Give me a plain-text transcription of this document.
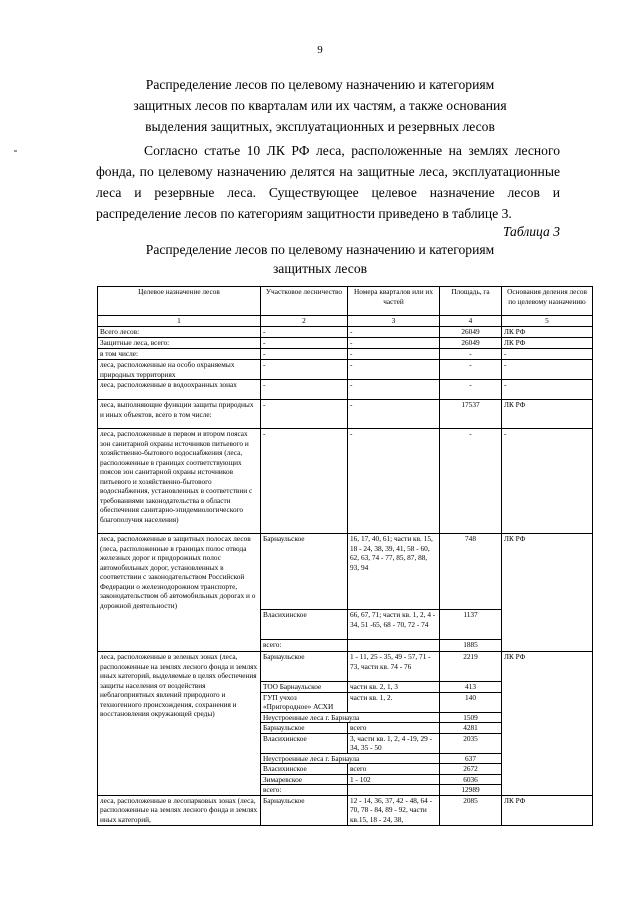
9
Распределение лесов по целевому назначению и категориям
защитных лесов по кварталам или их частям, а также основания
выделения защитных, эксплуатационных и резервных лесов

Согласно статье 10 ЛК РФ леса, расположенные на землях лесного фонда, по целевому назначению делятся на защитные леса, эксплуатационные леса и резервные леса. Существующее целевое назначение лесов и распределение лесов по категориям защитности приведено в таблице 3.

Таблица 3
Распределение лесов по целевому назначению и категориям
защитных лесов
Целевое назначение лесов	Участковое лесничество	Номера кварталов или их частей	Площадь, га	Основания деления лесов по целевому назначению
1	2	3	4	5
Всего лесов:	-	-	26049	ЛК РФ
Защитные леса, всего:	-	-	26049	ЛК РФ
в том числе:	-	-	-	-
леса, расположенные на особо охраняемых природных территориях	-	-	-	-
леса, расположенные в водоохранных зонах	-	-	-	-
леса, выполняющие функции защиты природных и иных объектов, всего в том числе:	-	-	17537	ЛК РФ
леса, расположенные в первом и втором поясах зон санитарной охраны источников питьевого и хозяйственно-бытового водоснабжения (леса, расположенные в границах соответствующих поясов зон санитарной охраны источников питьевого и хозяйственно-бытового водоснабжения, установленных в соответствии с требованиями законодательства в области обеспечения санитарно-эпидемиологического благополучия населения)	-	-	-	-
леса, расположенные в защитных полосах лесов (леса, расположенные в границах полос отвода железных дорог и придорожных полос автомобильных дорог, установленных в соответствии с законодательством Российской Федерации о железнодорожном транспорте, законодательством об автомобильных дорогах и о дорожной деятельности)	Барнаульское	16, 17, 40, 61; части кв. 15, 18 - 24, 38, 39, 41, 58 - 60, 62, 63, 74 - 77, 85, 87, 88, 93, 94	748	ЛК РФ
	Власихинское	66, 67, 71; части кв. 1, 2, 4 - 34, 51 -65, 68 - 70, 72 - 74	1137	
	всего:		1885	
леса, расположенные в зеленых зонах (леса, расположенные на землях лесного фонда и землях иных категорий, выделяемые в целях обеспечения защиты населения от воздействия неблагоприятных явлений природного и техногенного происхождения, сохранения и восстановления окружающей среды)	Барнаульское	1 - 11, 25 - 35, 49 - 57, 71 - 73, части кв. 74 - 76	2219	ЛК РФ
	ТОО Барнаульское	части кв. 2, 1, 3	413	
	ГУП учхоз «Пригородное» АСХИ	части кв. 1, 2.	140	
	Неустроенные леса г. Барнаула		1509	
	Барнаульское	всего	4281	
	Власихинское	3, части кв. 1, 2, 4 -19, 29 - 34, 35 - 50	2035	
	Неустроенные леса г. Барнаула		637	
	Власихинское	всего	2672	
	Зимаревское	1 - 102	6036	
	всего:		12989	
леса, расположенные в лесопарковых зонах (леса, расположенные на землях лесного фонда и землях иных категорий,	Барнаульское	12 - 14, 36, 37, 42 - 48, 64 - 70, 78 - 84, 89 - 92, части кв.15, 18 - 24, 38,	2085	ЛК РФ
